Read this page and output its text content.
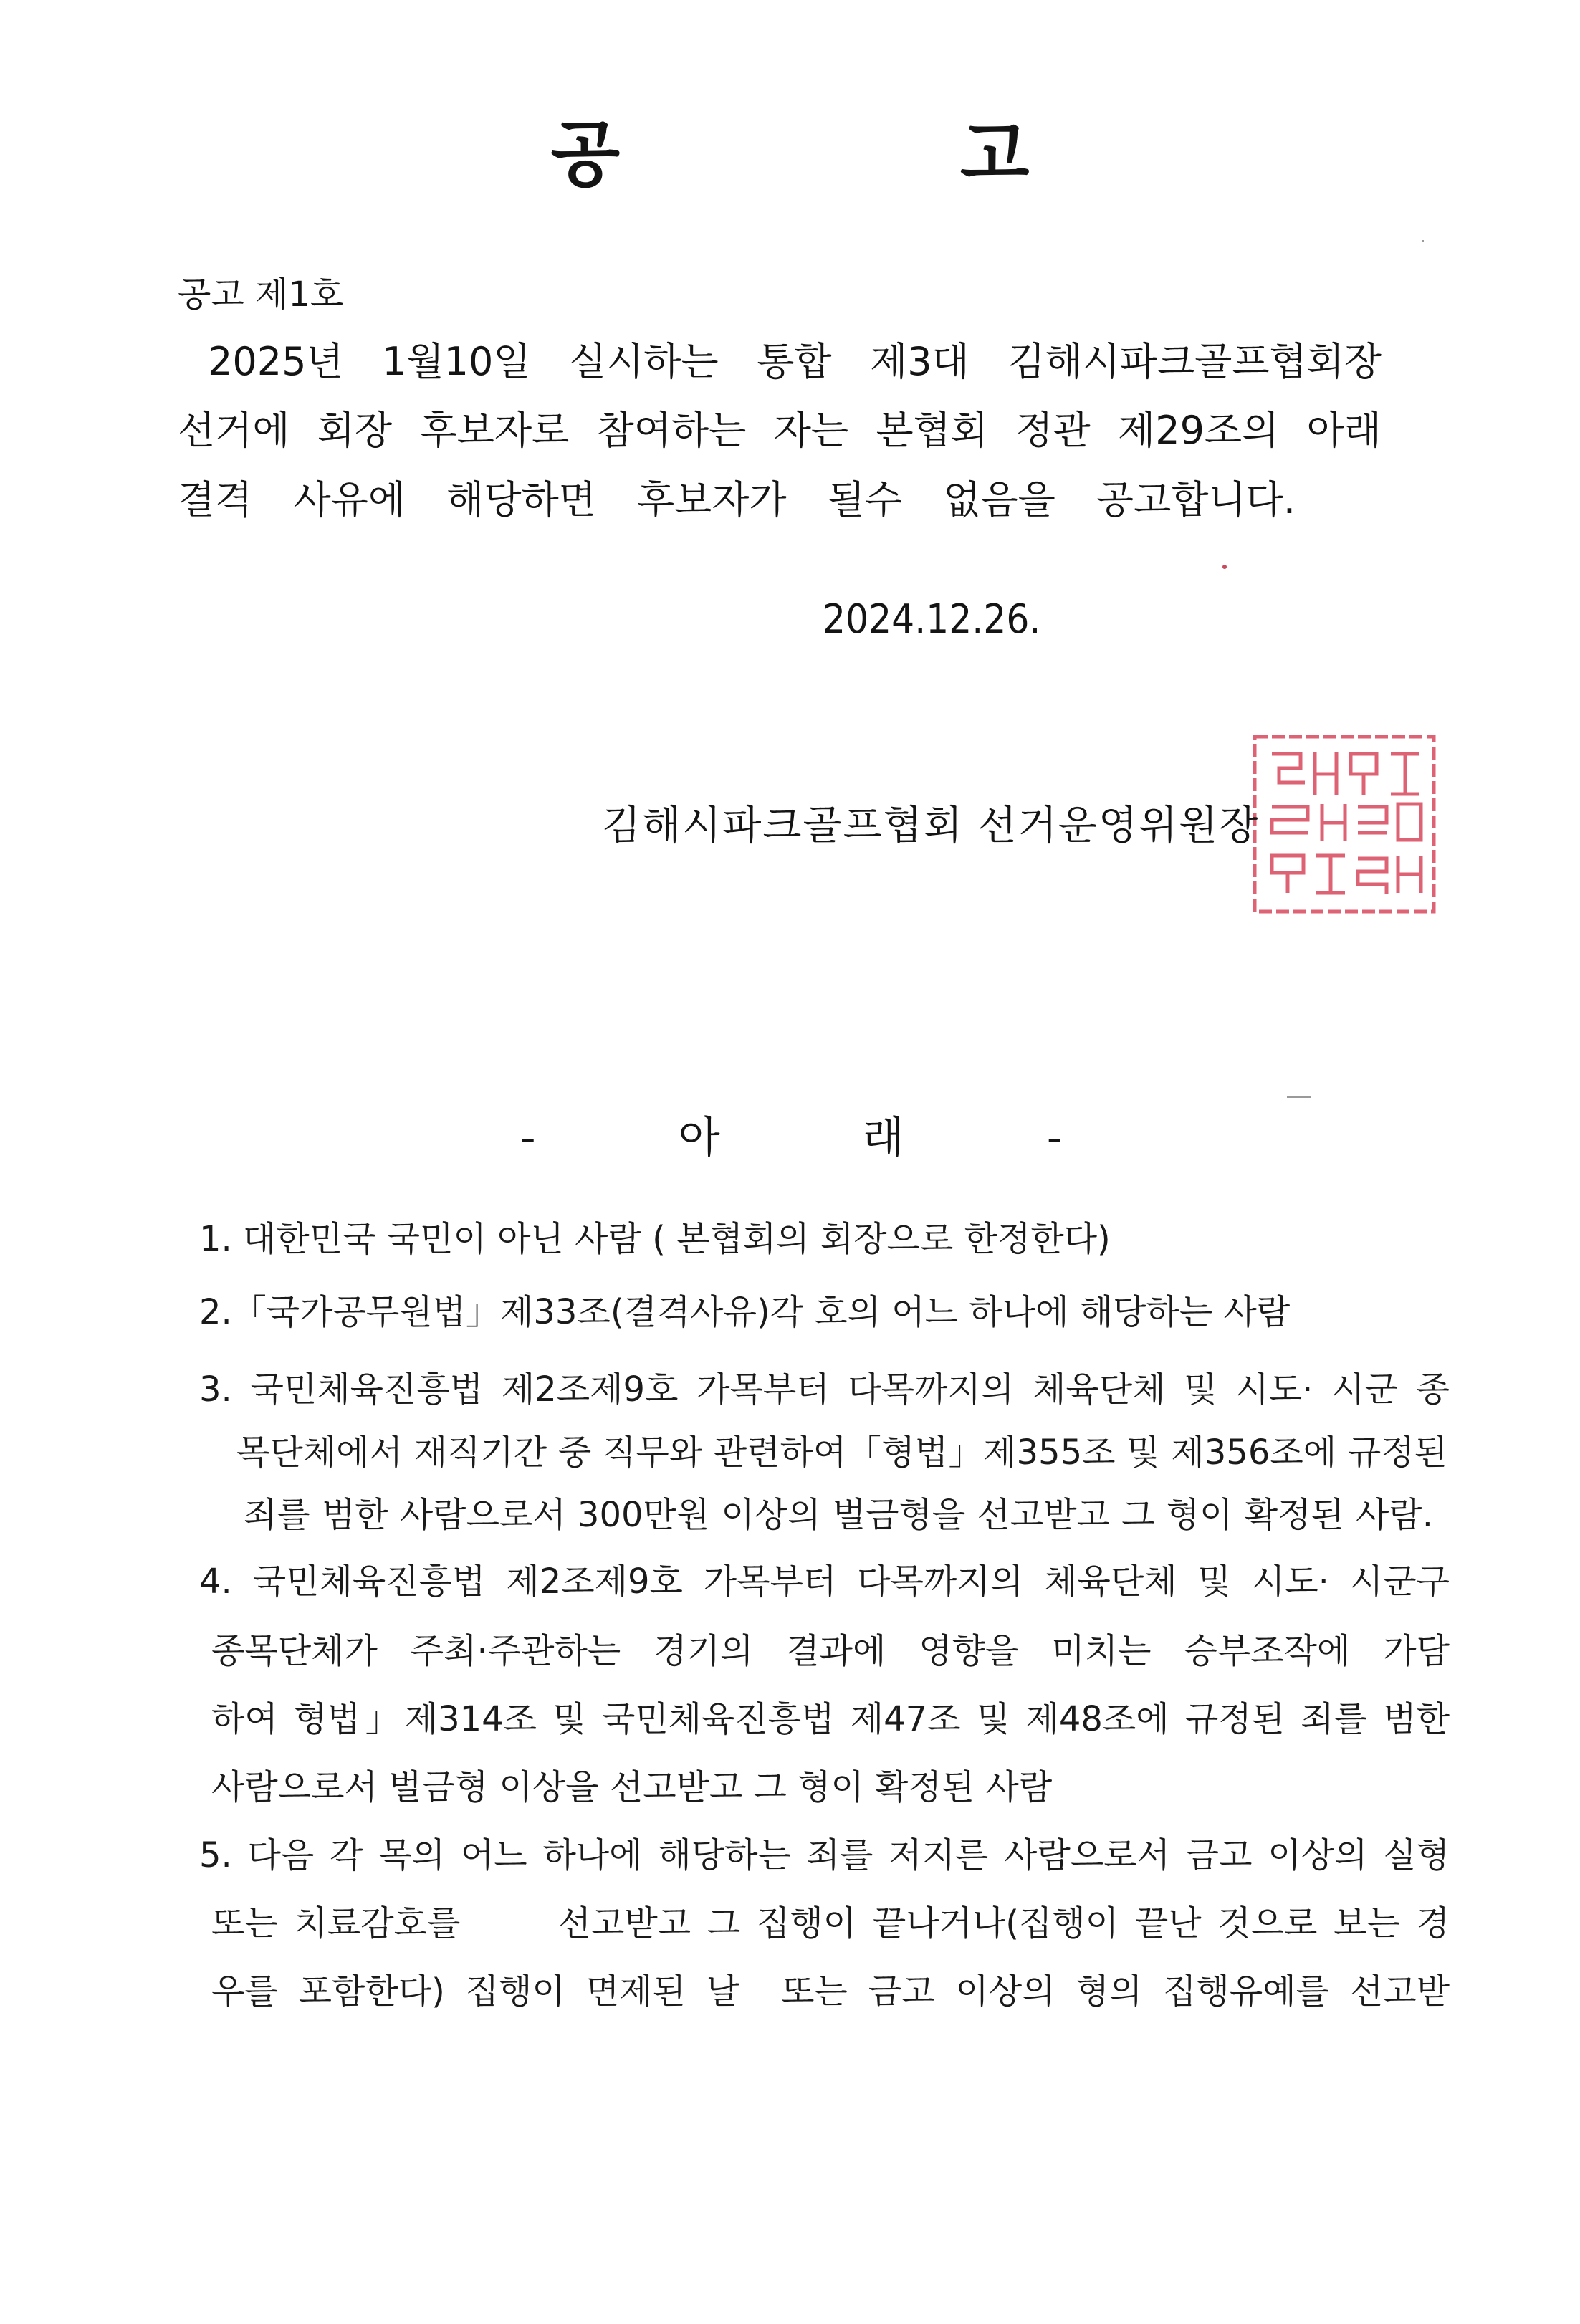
공 고
공고 제1호
2025년 1월10일 실시하는 통합 제3대 김해시파크골프협회장
선거에 회장 후보자로 참여하는 자는 본협회 정관 제29조의 아래
결격 사유에 해당하면 후보자가 될수 없음을 공고합니다.
2024.12.26.
김해시파크골프협회 선거운영위원장
- 아 래 -
1. 대한민국 국민이 아닌 사람 ( 본협회의 회장으로 한정한다)
2.「국가공무원법」제33조(결격사유)각 호의 어느 하나에 해당하는 사람
3. 국민체육진흥법 제2조제9호 가목부터 다목까지의 체육단체 및 시도· 시군 종
목단체에서 재직기간 중 직무와 관련하여「형법」제355조 및 제356조에 규정된
죄를 범한 사람으로서 300만원 이상의 벌금형을 선고받고 그 형이 확정된 사람.
4. 국민체육진흥법 제2조제9호 가목부터 다목까지의 체육단체 및 시도· 시군구
종목단체가 주최·주관하는 경기의 결과에 영향을 미치는 승부조작에 가담
하여 형법」제314조 및 국민체육진흥법 제47조 및 제48조에 규정된 죄를 범한
사람으로서 벌금형 이상을 선고받고 그 형이 확정된 사람
5. 다음 각 목의 어느 하나에 해당하는 죄를 저지른 사람으로서 금고 이상의 실형
또는 치료감호를      선고받고 그 집행이 끝나거나(집행이 끝난 것으로 보는 경
우를 포함한다) 집행이 면제된 날  또는 금고 이상의 형의 집행유예를 선고받
